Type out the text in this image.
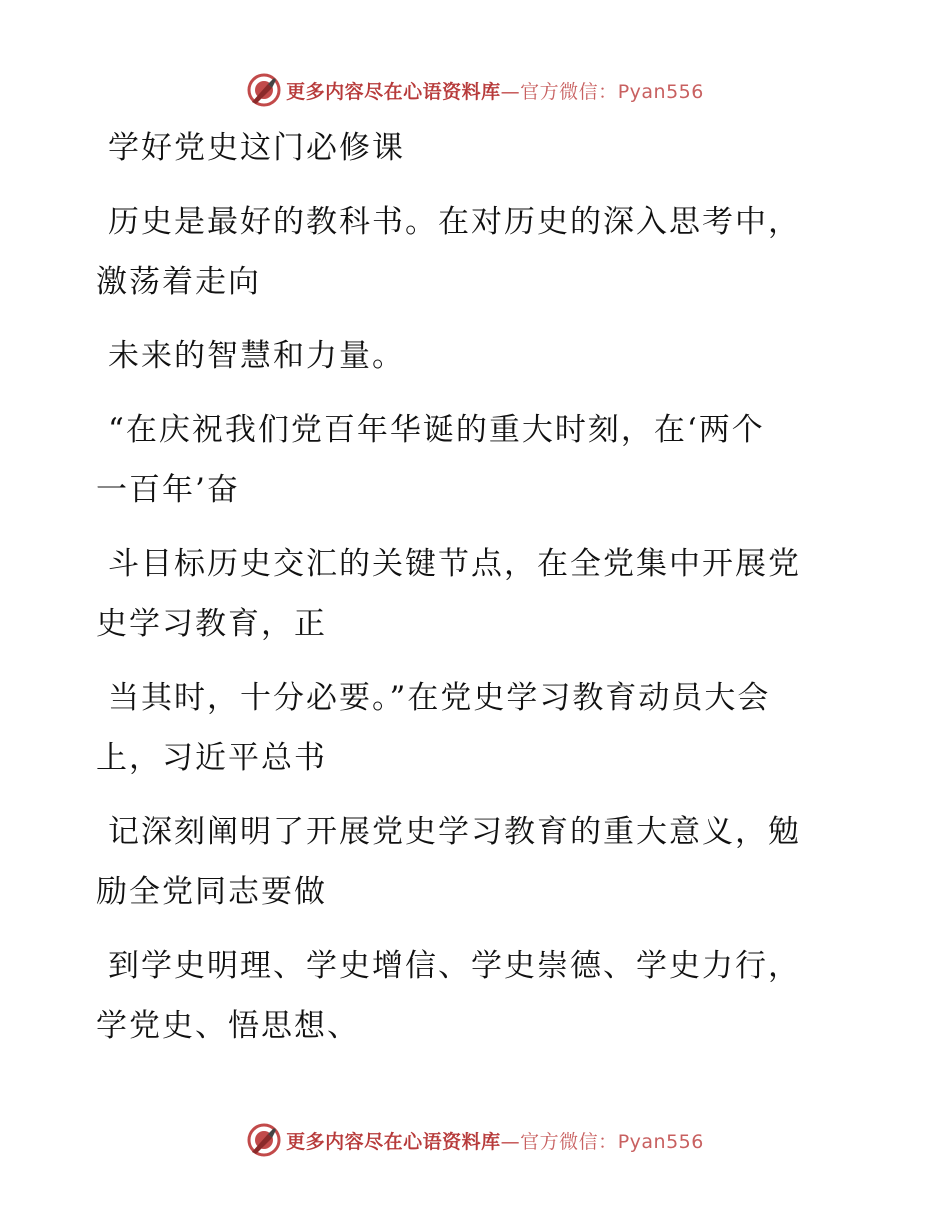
更多内容尽在心语资料库—官方微信：Pyan556
学好党史这门必修课
历史是最好的教科书。在对历史的深入思考中，
激荡着走向
未来的智慧和力量。
“在庆祝我们党百年华诞的重大时刻，在‘两个
一百年’奋
斗目标历史交汇的关键节点，在全党集中开展党
史学习教育，正
当其时，十分必要。”在党史学习教育动员大会
上，习近平总书
记深刻阐明了开展党史学习教育的重大意义，勉
励全党同志要做
到学史明理、学史增信、学史崇德、学史力行，
学党史、悟思想、
更多内容尽在心语资料库—官方微信：Pyan556
